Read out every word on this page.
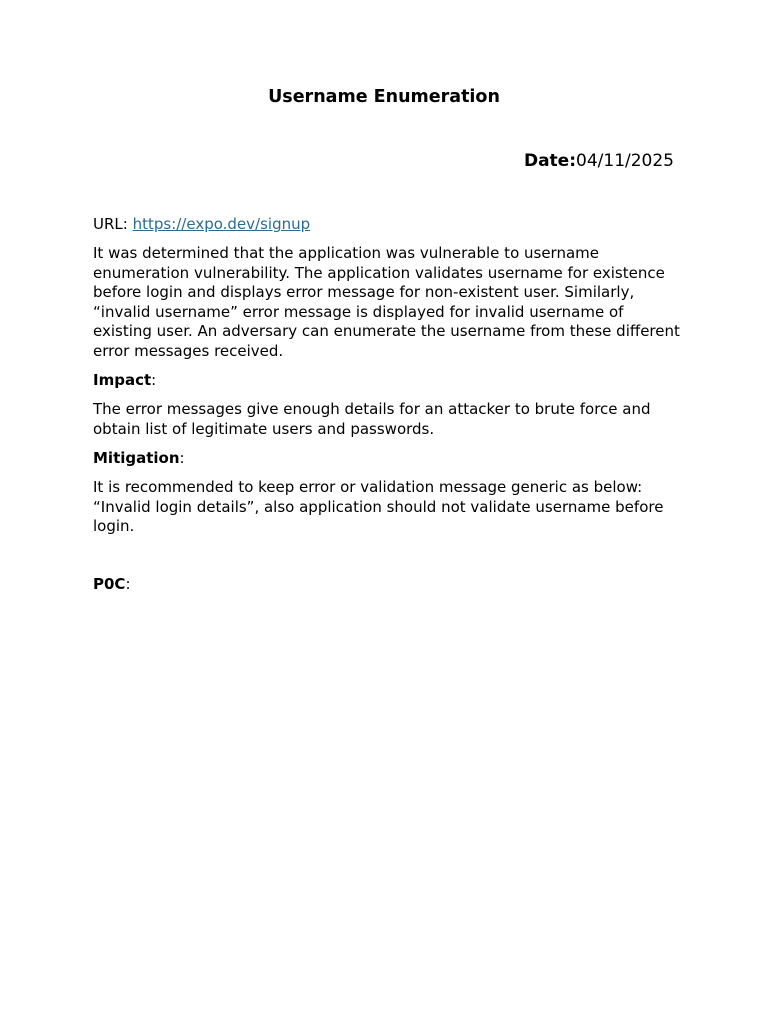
Username Enumeration
Date:04/11/2025

URL: https://expo.dev/signup

It was determined that the application was vulnerable to username enumeration vulnerability. The application validates username for existence before login and displays error message for non-existent user. Similarly, “invalid username” error message is displayed for invalid username of existing user. An adversary can enumerate the username from these different error messages received.

Impact:

The error messages give enough details for an attacker to brute force and obtain list of legitimate users and passwords.

Mitigation:

It is recommended to keep error or validation message generic as below: “Invalid login details”, also application should not validate username before login.

P0C:
